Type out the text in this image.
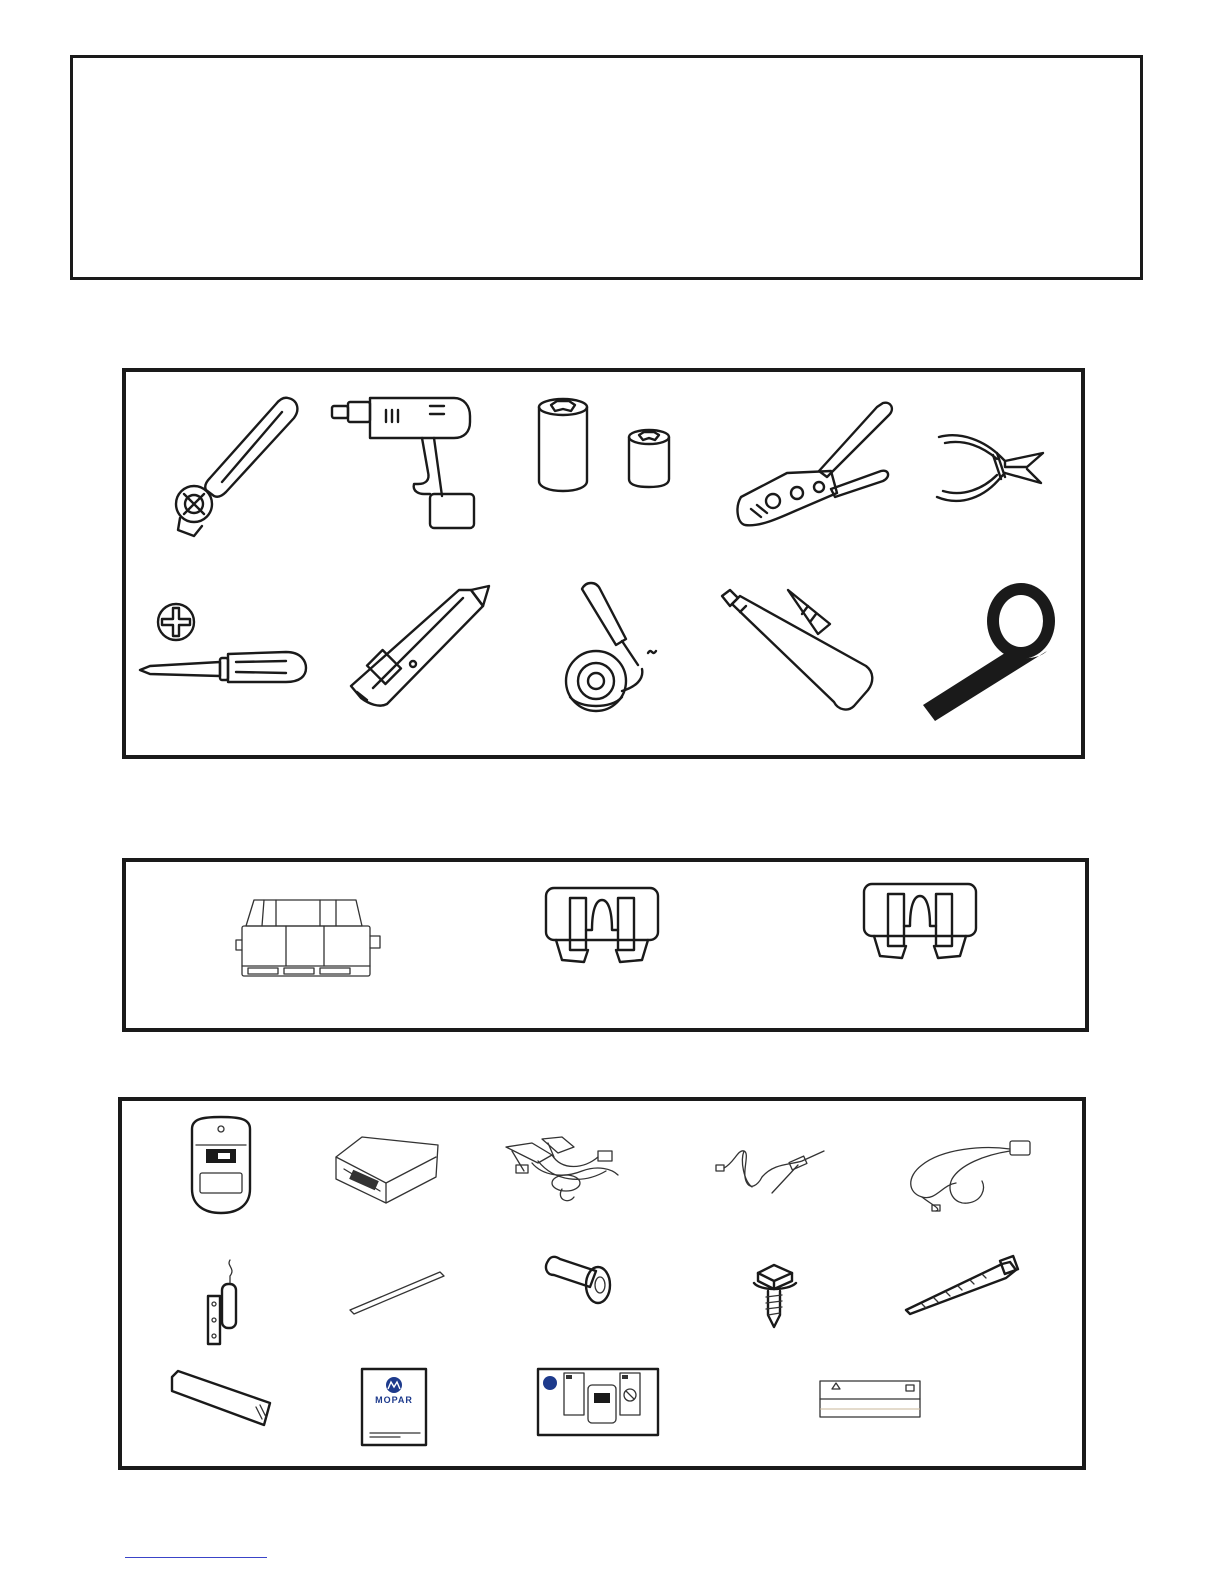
MOPAR
